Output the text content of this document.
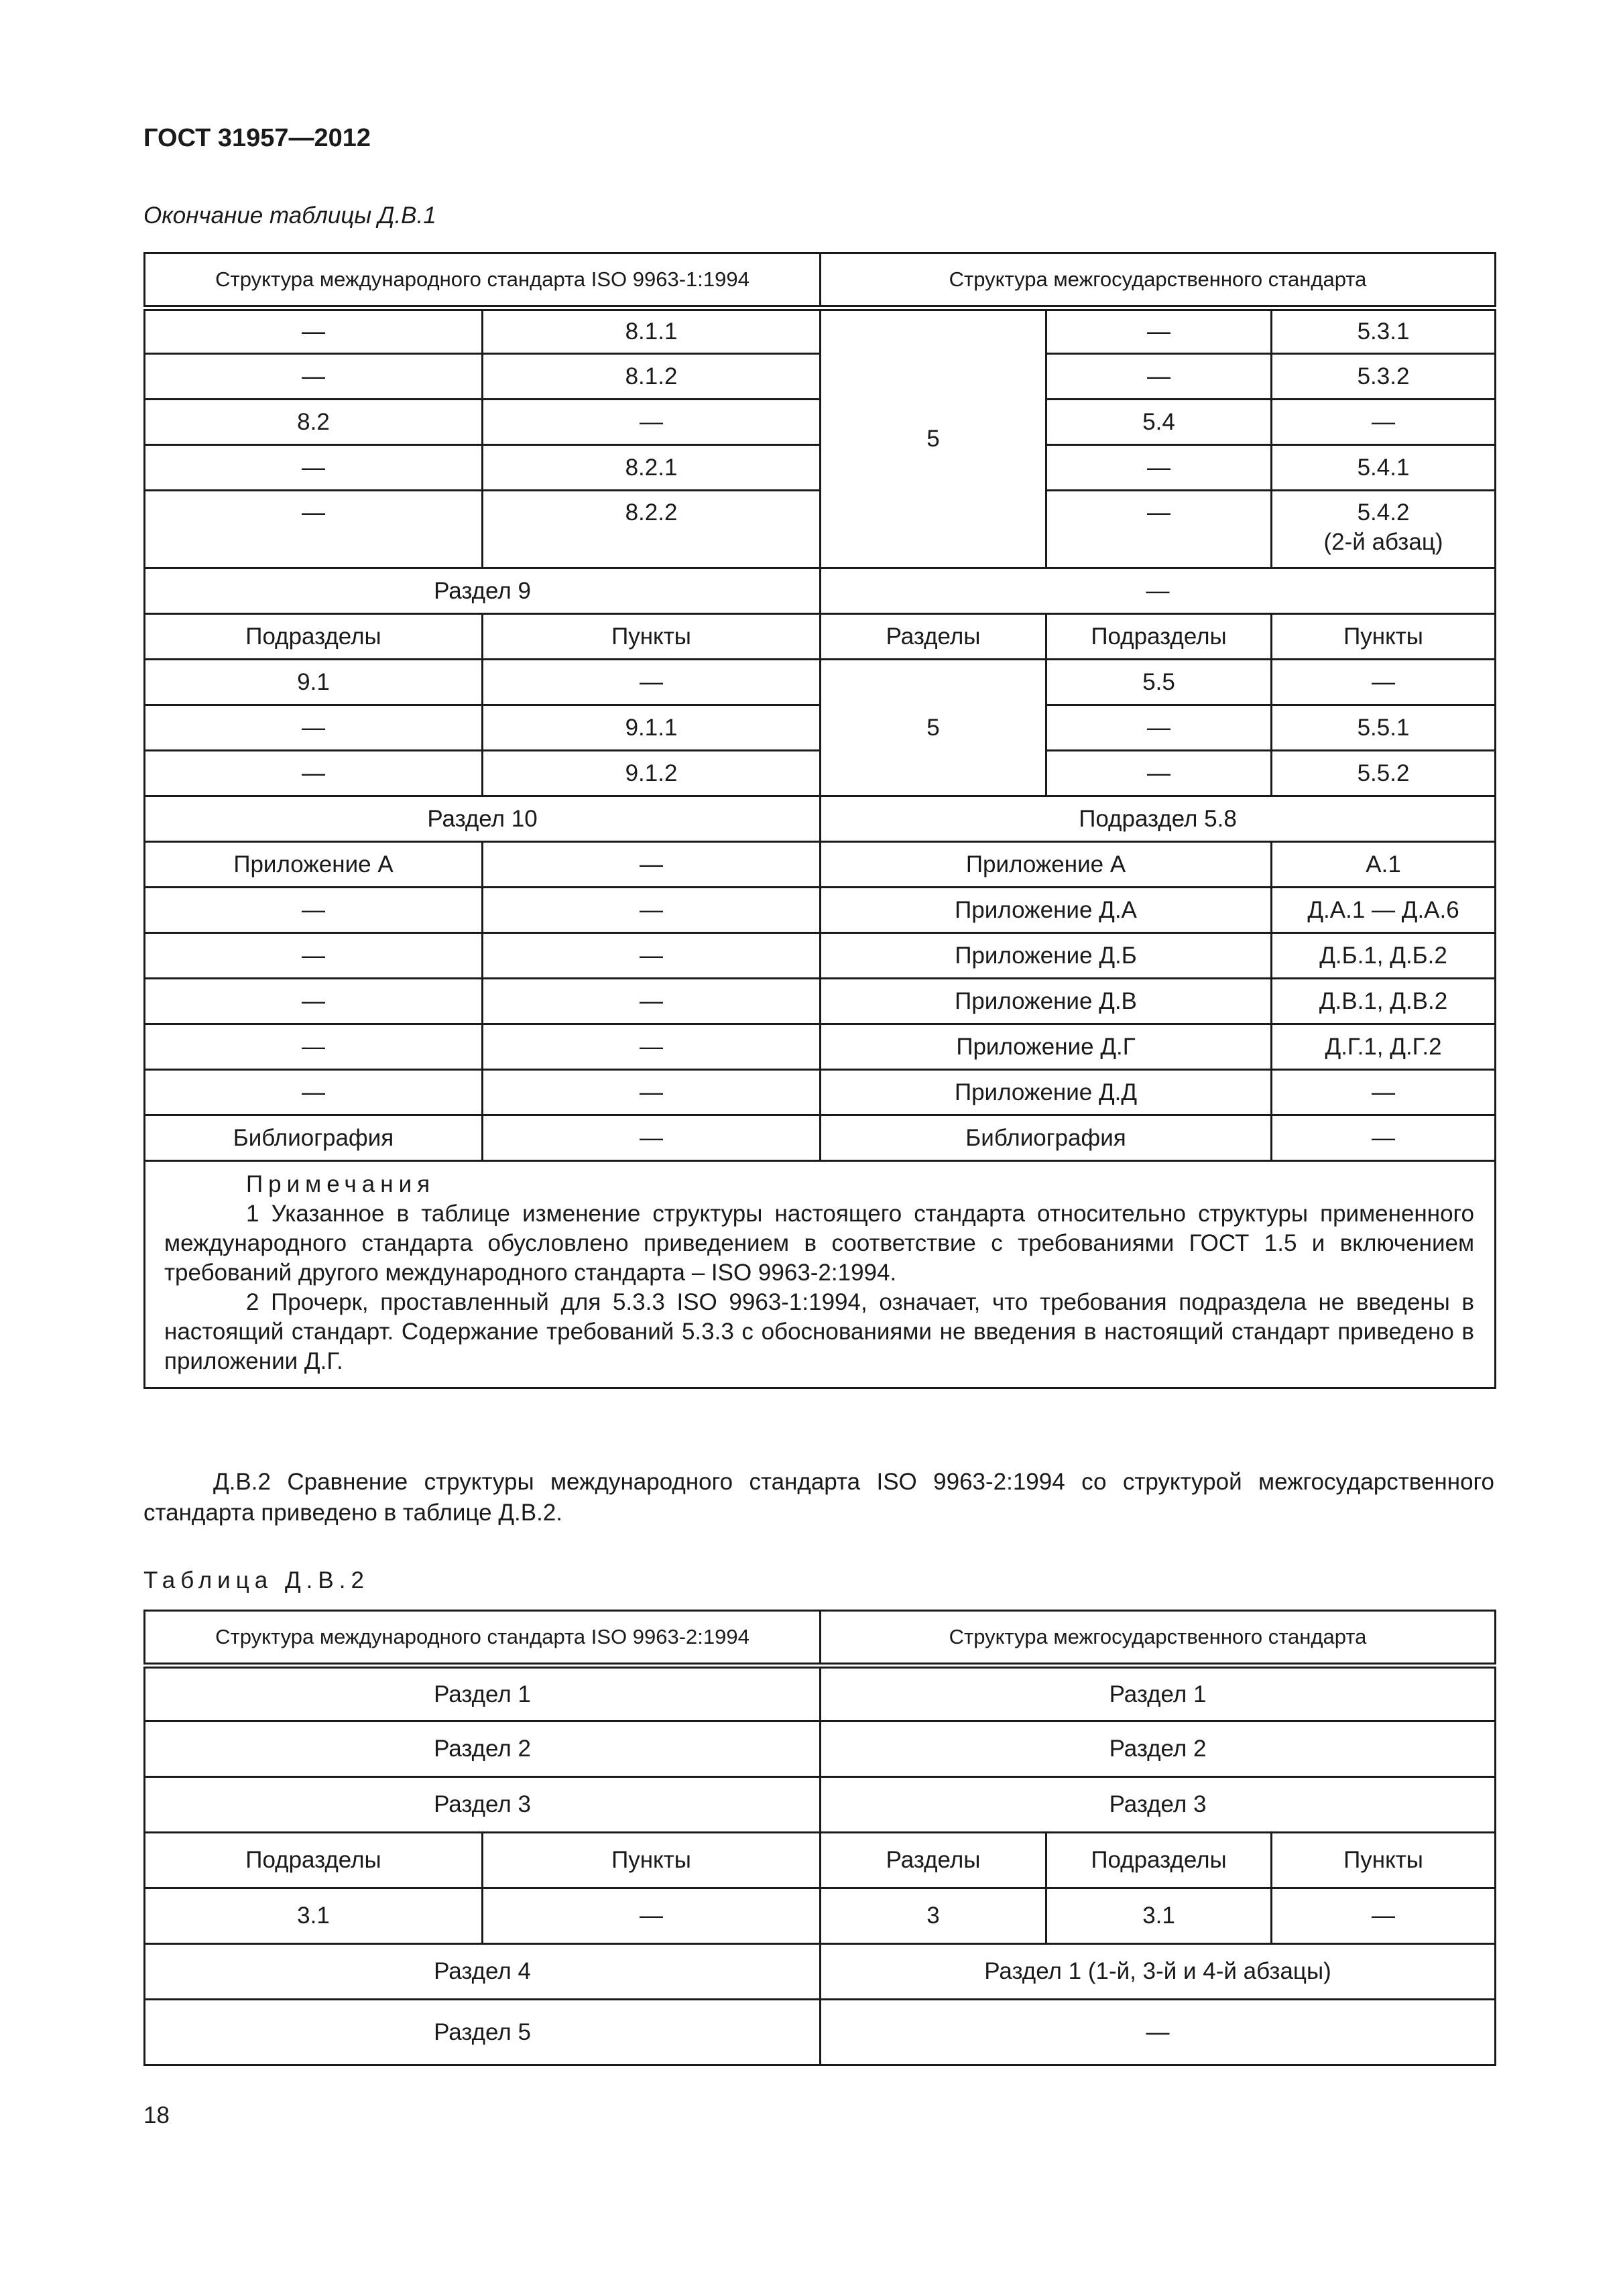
ГОСТ 31957—2012
Окончание таблицы Д.В.1
Структура международного стандарта ISO 9963-1:1994		Структура межгосударственного стандарта		
—	8.1.1	5	—	5.3.1
—	8.1.2		—	5.3.2
8.2	—		5.4	—
—	8.2.1		—	5.4.1
—	8.2.2		—	5.4.2
(2-й абзац)

Раздел 9		—		
Подразделы	Пункты	Разделы	Подразделы	Пункты
9.1	—	5	5.5	—
—	9.1.1		—	5.5.1
—	9.1.2		—	5.5.2
Раздел 10		Подраздел 5.8		
Приложение А	—	Приложение А		А.1
—	—	Приложение Д.А		Д.А.1 — Д.А.6
—	—	Приложение Д.Б		Д.Б.1, Д.Б.2
—	—	Приложение Д.В		Д.В.1, Д.В.2
—	—	Приложение Д.Г		Д.Г.1, Д.Г.2
—	—	Приложение Д.Д		—
Библиография	—	Библиография		—

Примечания
1 Указанное в таблице изменение структуры настоящего стандарта относительно структуры примененного международного стандарта обусловлено приведением в соответствие с требованиями ГОСТ 1.5 и включением требований другого международного стандарта – ISO 9963-2:1994.
2 Прочерк, проставленный для 5.3.3 ISO 9963-1:1994, означает, что требования подраздела не введены в настоящий стандарт. Содержание требований 5.3.3 с обоснованиями не введения в настоящий стандарт приведено в приложении Д.Г.				
Д.В.2 Сравнение структуры международного стандарта ISO 9963-2:1994 со структурой межгосударственного стандарта приведено в таблице Д.В.2.
Таблица Д.В.2
Структура международного стандарта ISO 9963-2:1994		Структура межгосударственного стандарта		
Раздел 1		Раздел 1		
Раздел 2		Раздел 2		
Раздел 3		Раздел 3		
Подразделы	Пункты	Разделы	Подразделы	Пункты
3.1	—	3	3.1	—
Раздел 4		Раздел 1 (1-й, 3-й и 4-й абзацы)		
Раздел 5		—		
18
